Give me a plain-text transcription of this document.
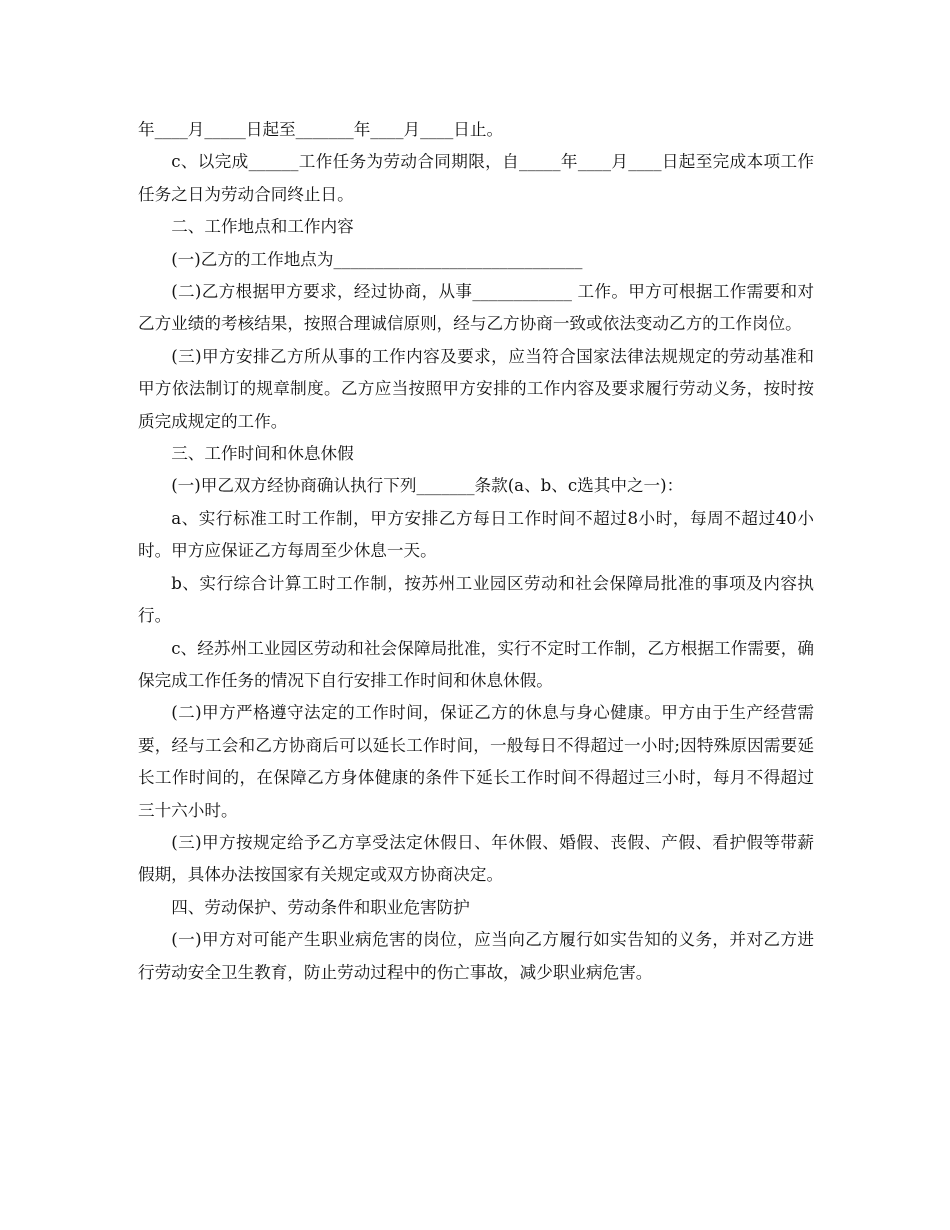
年____月_____日起至_______年____月____日止。

c、以完成______工作任务为劳动合同期限，自_____年____月____日起至完成本项工作任务之日为劳动合同终止日。

二、工作地点和工作内容

(一)乙方的工作地点为______________________________

(二)乙方根据甲方要求，经过协商，从事____________ 工作。甲方可根据工作需要和对乙方业绩的考核结果，按照合理诚信原则，经与乙方协商一致或依法变动乙方的工作岗位。

(三)甲方安排乙方所从事的工作内容及要求，应当符合国家法律法规规定的劳动基准和甲方依法制订的规章制度。乙方应当按照甲方安排的工作内容及要求履行劳动义务，按时按质完成规定的工作。

三、工作时间和休息休假

(一)甲乙双方经协商确认执行下列_______条款(a、b、c选其中之一)：

a、实行标准工时工作制，甲方安排乙方每日工作时间不超过8小时，每周不超过40小时。甲方应保证乙方每周至少休息一天。

b、实行综合计算工时工作制，按苏州工业园区劳动和社会保障局批准的事项及内容执行。

c、经苏州工业园区劳动和社会保障局批准，实行不定时工作制，乙方根据工作需要，确保完成工作任务的情况下自行安排工作时间和休息休假。

(二)甲方严格遵守法定的工作时间，保证乙方的休息与身心健康。甲方由于生产经营需要，经与工会和乙方协商后可以延长工作时间，一般每日不得超过一小时;因特殊原因需要延长工作时间的，在保障乙方身体健康的条件下延长工作时间不得超过三小时，每月不得超过三十六小时。

(三)甲方按规定给予乙方享受法定休假日、年休假、婚假、丧假、产假、看护假等带薪假期，具体办法按国家有关规定或双方协商决定。

四、劳动保护、劳动条件和职业危害防护

(一)甲方对可能产生职业病危害的岗位，应当向乙方履行如实告知的义务，并对乙方进行劳动安全卫生教育，防止劳动过程中的伤亡事故，减少职业病危害。
